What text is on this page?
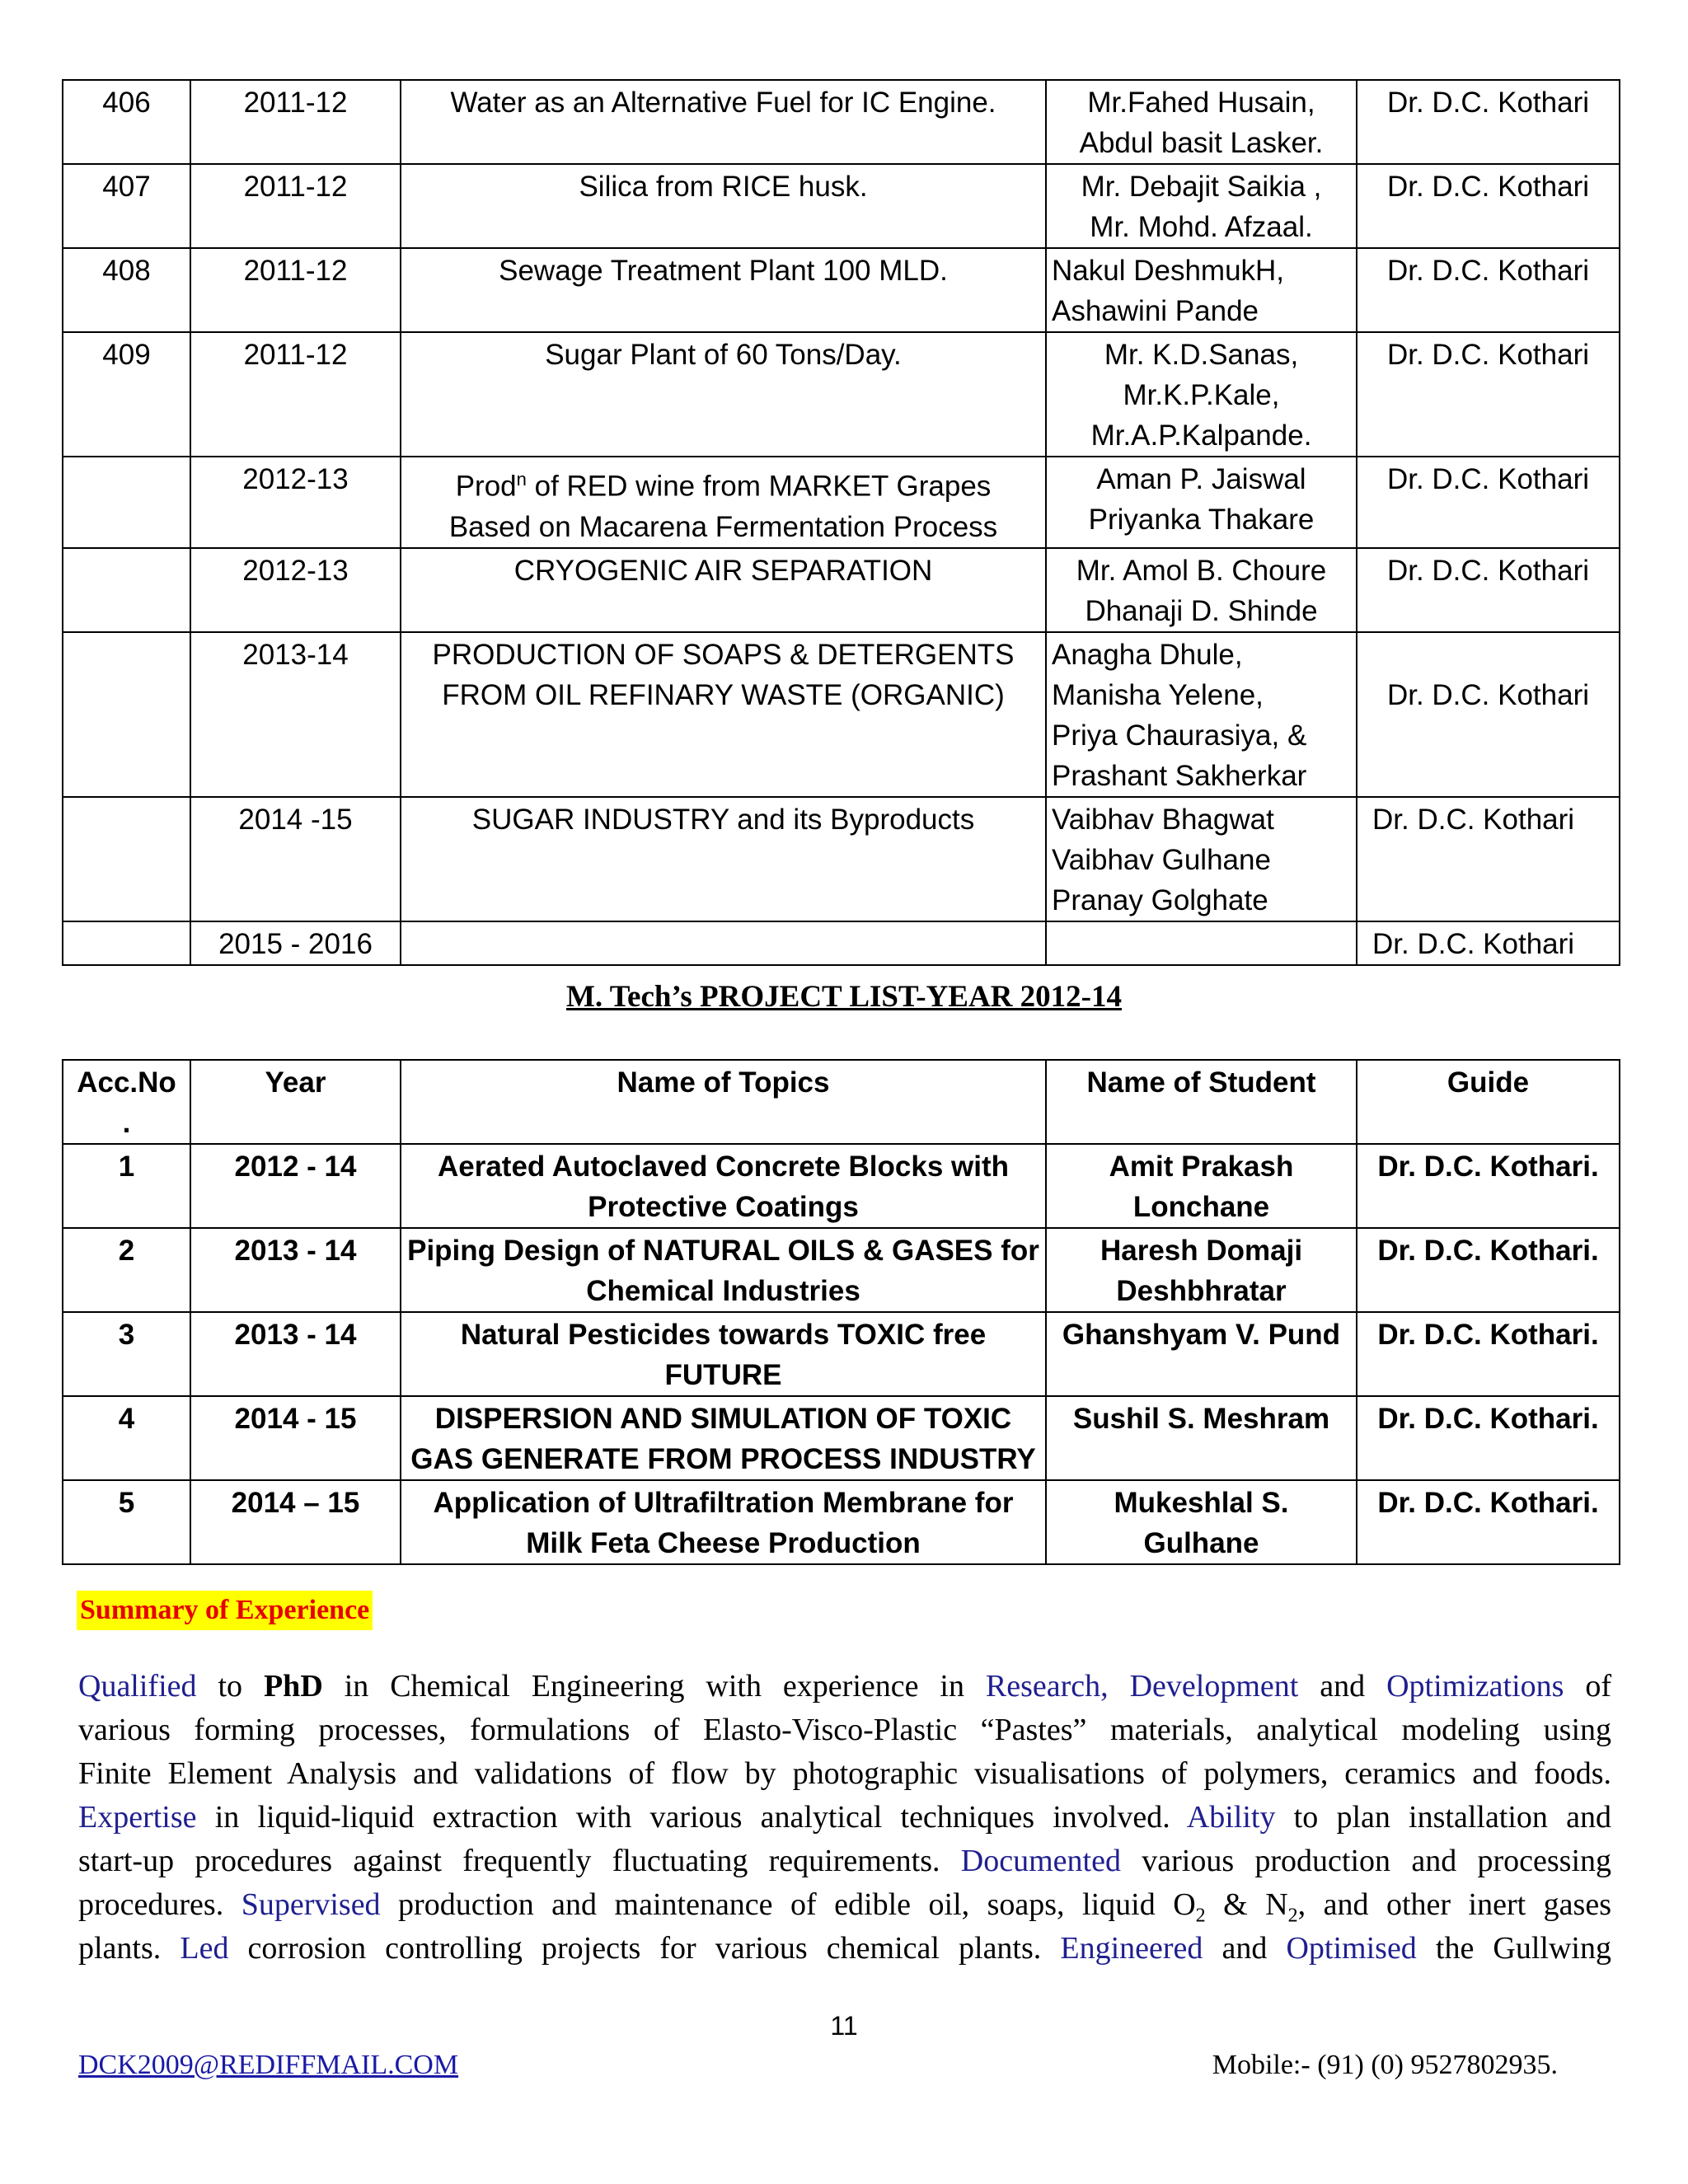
406	2011-12	Water as an Alternative Fuel for IC Engine.	Mr.Fahed Husain,
Abdul basit Lasker.	Dr. D.C. Kothari
407	2011-12	Silica from RICE husk.	Mr. Debajit Saikia ,
Mr. Mohd. Afzaal.	Dr. D.C. Kothari
408	2011-12	Sewage Treatment Plant 100 MLD.	Nakul DeshmukH,
Ashawini Pande	Dr. D.C. Kothari
409	2011-12	Sugar Plant of 60 Tons/Day.	Mr. K.D.Sanas,
Mr.K.P.Kale,
Mr.A.P.Kalpande.	Dr. D.C. Kothari
	2012-13	Prod$^n$ of RED wine from MARKET Grapes
Based on Macarena Fermentation Process	Aman P. Jaiswal
Priyanka Thakare	Dr. D.C. Kothari
	2012-13	CRYOGENIC AIR SEPARATION	Mr. Amol B. Choure
Dhanaji D. Shinde	Dr. D.C. Kothari
	2013-14	PRODUCTION OF SOAPS & DETERGENTS
FROM OIL REFINARY WASTE (ORGANIC)	Anagha Dhule,
Manisha Yelene,
Priya Chaurasiya, &
Prashant Sakherkar	Dr. D.C. Kothari
	2014 -15	SUGAR INDUSTRY and its Byproducts	Vaibhav Bhagwat
Vaibhav Gulhane
Pranay Golghate	Dr. D.C. Kothari
	2015 - 2016			Dr. D.C. Kothari
M. Tech’s PROJECT LIST-YEAR 2012-14
Acc.No
.	Year	Name of Topics	Name of Student	Guide
1	2012 - 14	Aerated Autoclaved Concrete Blocks with
Protective Coatings	Amit Prakash
Lonchane	Dr. D.C. Kothari.
2	2013 - 14	Piping Design of NATURAL OILS & GASES for
Chemical Industries	Haresh Domaji
Deshbhratar	Dr. D.C. Kothari.
3	2013 - 14	Natural Pesticides towards TOXIC free
FUTURE	Ghanshyam V. Pund	Dr. D.C. Kothari.
4	2014 - 15	DISPERSION AND SIMULATION OF TOXIC
GAS GENERATE FROM PROCESS INDUSTRY	Sushil S. Meshram	Dr. D.C. Kothari.
5	2014 – 15	Application of Ultrafiltration Membrane for
Milk Feta Cheese Production	Mukeshlal S.
Gulhane	Dr. D.C. Kothari.
Summary of Experience
Qualified to PhD in Chemical Engineering with experience in Research, Development and Optimizations of
various forming processes, formulations of Elasto-Visco-Plastic “Pastes” materials, analytical modeling using
Finite Element Analysis and validations of flow by photographic visualisations of polymers, ceramics and foods.
Expertise in liquid-liquid extraction with various analytical techniques involved. Ability to plan installation and
start-up procedures against frequently fluctuating requirements. Documented various production and processing
procedures. Supervised production and maintenance of edible oil, soaps, liquid $O_2$ & $N_2$, and other inert gases
plants. Led corrosion controlling projects for various chemical plants. Engineered and Optimised the Gullwing
11
DCK2009@REDIFFMAIL.COM	Mobile:- (91) (0) 9527802935.
